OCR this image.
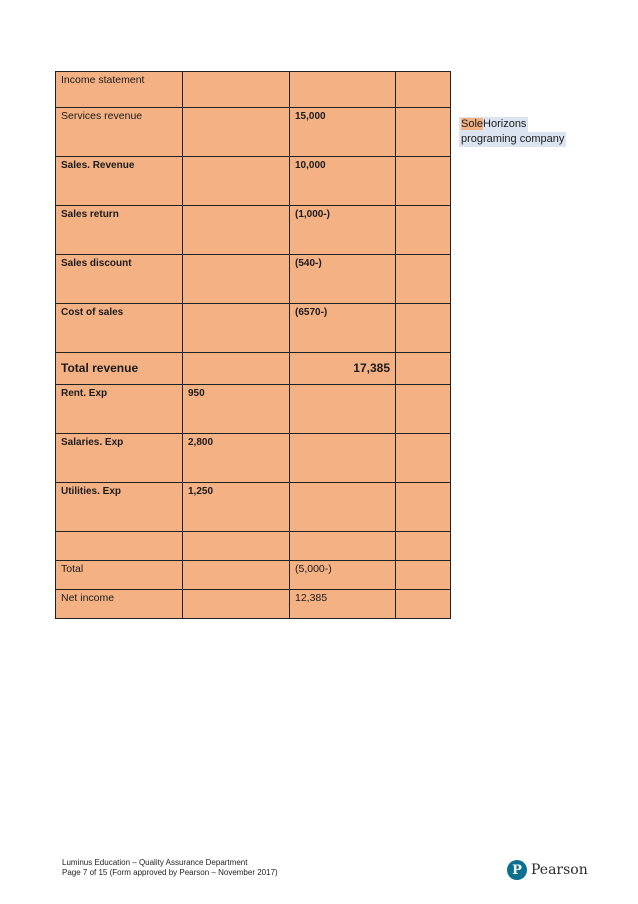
Income statement			
Services revenue		15,000	
Sales. Revenue		10,000	
Sales return		(1,000-)	
Sales discount		(540-)	
Cost of sales		(6570-)	
Total revenue		17,385	
Rent. Exp	950		
Salaries. Exp	2,800		
Utilities. Exp	1,250		

Total		(5,000-)	
Net income		12,385	
SoleHorizons
programing company
Luminus Education – Quality Assurance Department
Page 7 of 15 (Form approved by Pearson – November 2017)	P Pearson
